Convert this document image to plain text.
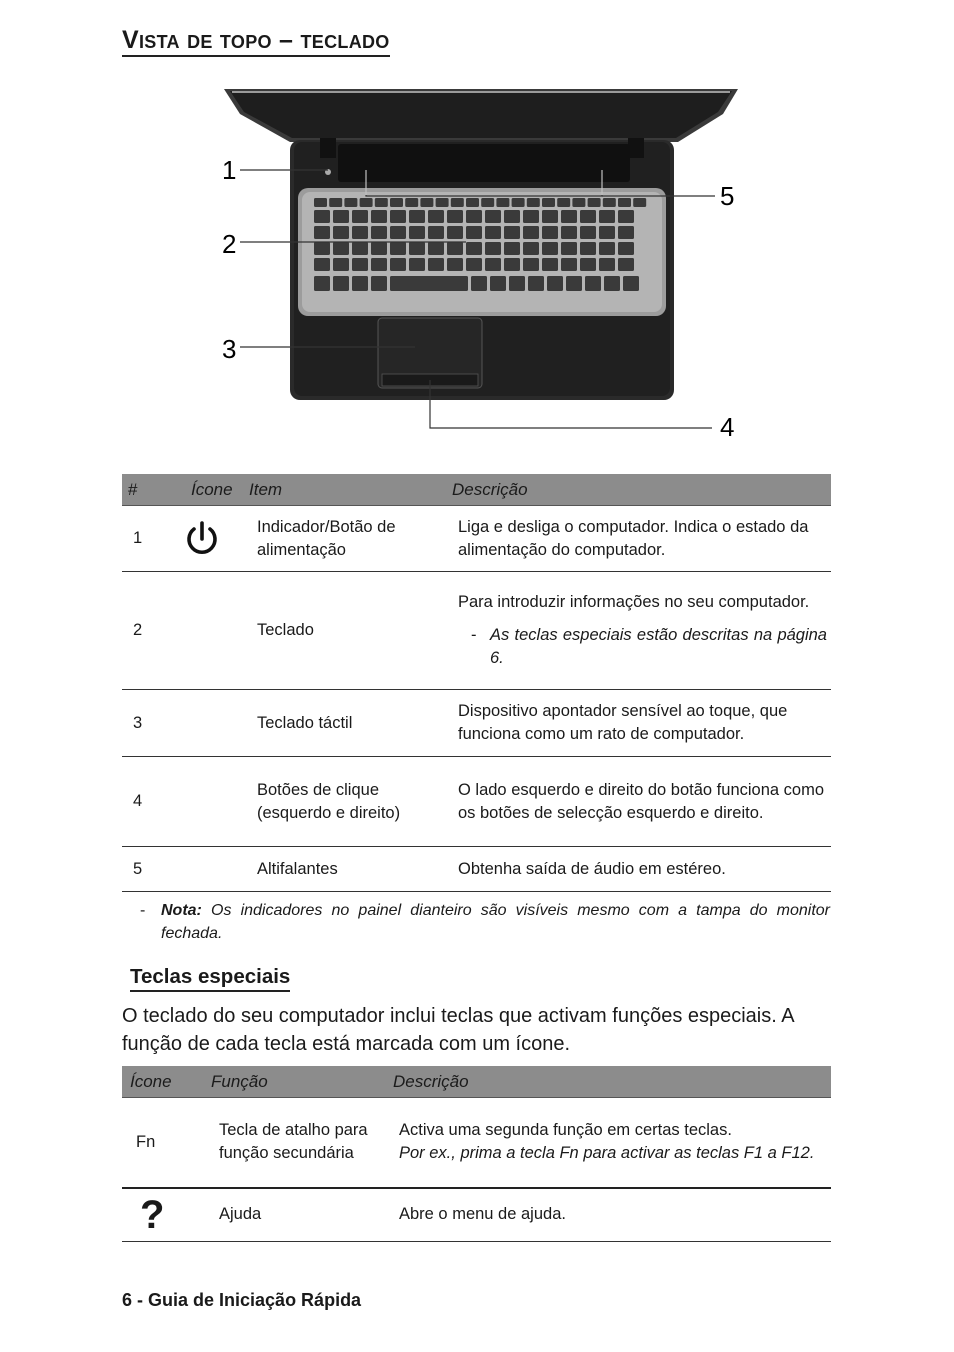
Vista de topo – teclado
1
2
3
4
5
#	Ícone	Item	Descrição
1		Indicador/Botão de alimentação	Liga e desliga o computador. Indica o estado da alimentação do computador.
2		Teclado	Para introduzir informações no seu computador.
- As teclas especiais estão descritas na página 6.

3		Teclado táctil	Dispositivo apontador sensível ao toque, que funciona como um rato de computador.
4		Botões de clique (esquerdo e direito)	O lado esquerdo e direito do botão funciona como os botões de selecção esquerdo e direito.
5		Altifalantes	Obtenha saída de áudio em estéreo.
- Nota: Os indicadores no painel dianteiro são visíveis mesmo com a tampa do monitor fechada.
Teclas especiais
O teclado do seu computador inclui teclas que activam funções especiais. A função de cada tecla está marcada com um ícone.
Ícone	Função	Descrição
Fn	Tecla de atalho para função secundária	Activa uma segunda função em certas teclas.
Por ex., prima a tecla Fn para activar as teclas F1 a F12.

?	Ajuda	Abre o menu de ajuda.
6 - Guia de Iniciação Rápida
